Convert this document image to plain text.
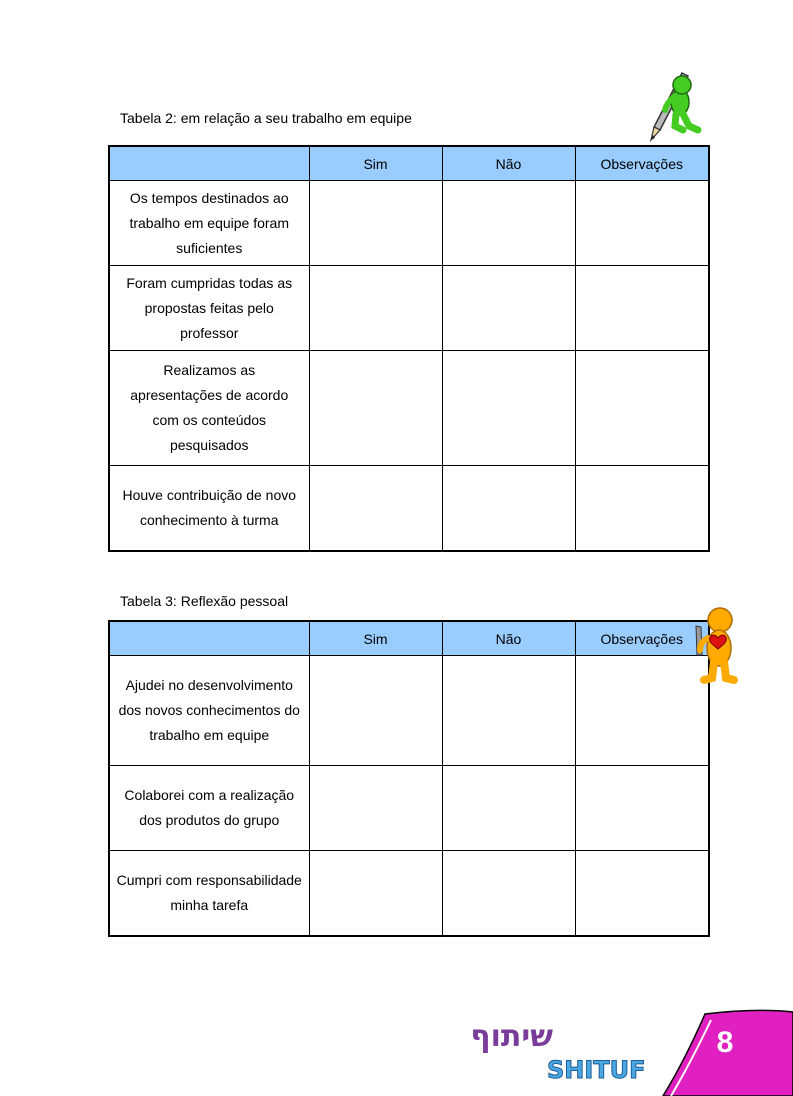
Tabela 2: em relação a seu trabalho em equipe
	Sim	Não	Observações
Os tempos destinados ao trabalho em equipe foram suficientes			
Foram cumpridas todas as propostas feitas pelo professor			
Realizamos as apresentações de acordo com os conteúdos pesquisados			
Houve contribuição de novo conhecimento à turma			
Tabela 3: Reflexão pessoal
	Sim	Não	Observações
Ajudei no desenvolvimento dos novos conhecimentos do trabalho em equipe			
Colaborei com a realização dos produtos do grupo			
Cumpri com responsabilidade minha tarefa			
שיתוף
SHITUF
8
